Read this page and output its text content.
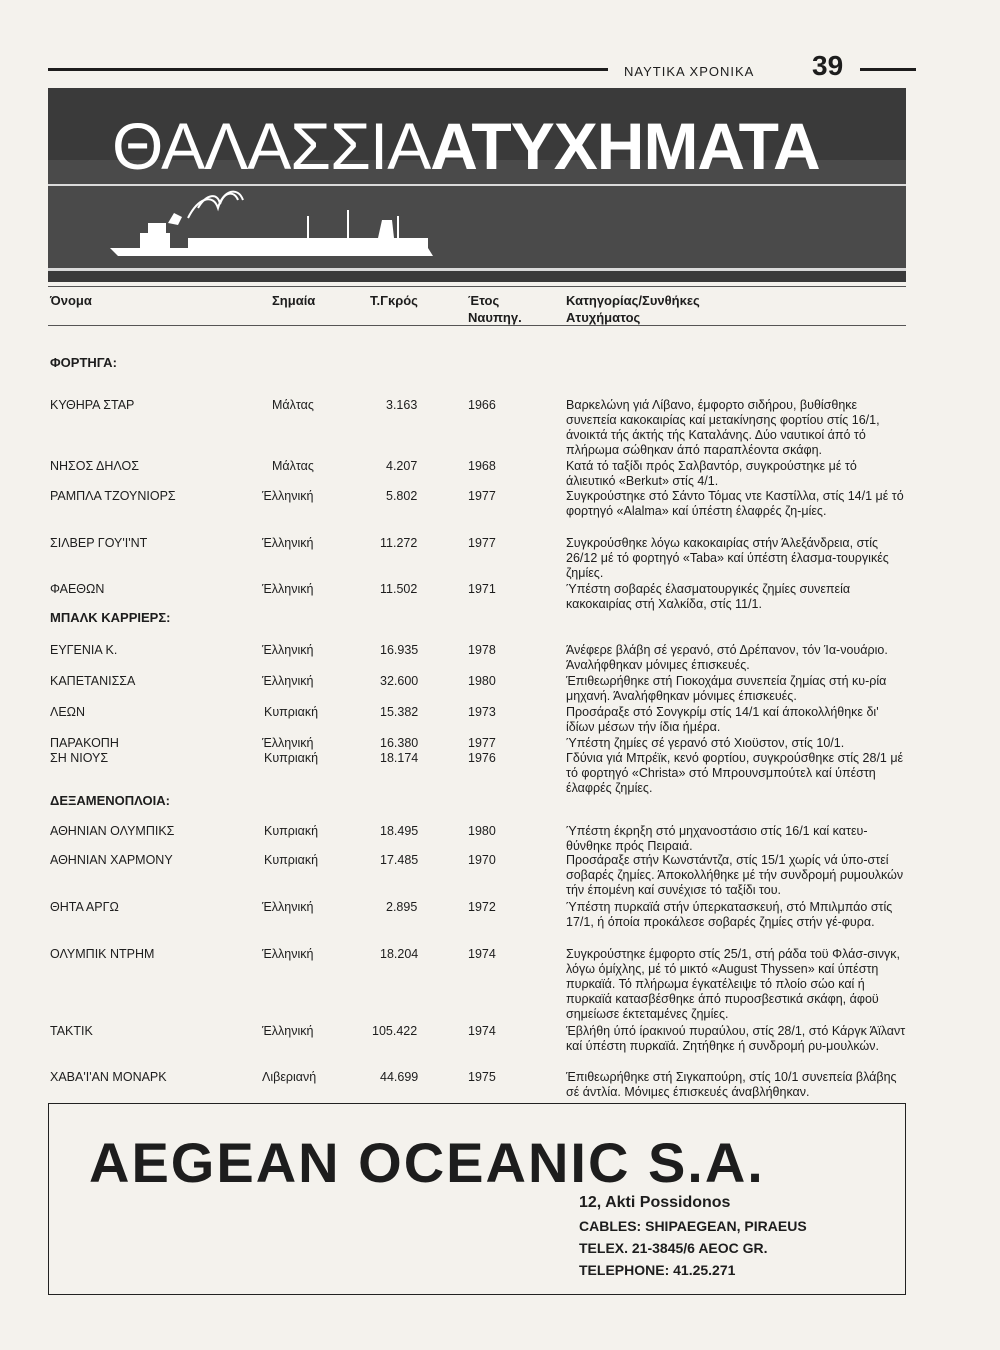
ΝΑΥΤΙΚΑ ΧΡΟΝΙΚΑ 39
ΘΑΛΑΣΣΙΑΑΤΥΧΗΜΑΤΑ
Όνομα	Σημαία	Τ.Γκρός	Έτος
Ναυπηγ.
Κατηγορίας/Συνθήκες
Ατυχήματος
ΦΟΡΤΗΓΑ:
ΜΠΑΛΚ ΚΑΡΡΙΕΡΣ:
ΔΕΞΑΜΕΝΟΠΛΟΙΑ:
ΚΥΘΗΡΑ ΣΤΑΡ	Μάλτας	3.163	1966	Βαρκελώνη γιά Λίβανο, έμφορτο σιδήρου, βυθίσθηκε συνεπεία κακοκαιρίας καί μετακίνησης φορτίου στίς 16/1, άνοικτά τής άκτής τής Καταλάνης. Δύο ναυτικοί άπό τό πλήρωμα σώθηκαν άπό παραπλέοντα σκάφη.
ΝΗΣΟΣ ΔΗΛΟΣ	Μάλτας	4.207	1968	Κατά τό ταξίδι πρός Σαλβαντόρ, συγκρούστηκε μέ τό άλιευτικό «Berkut» στίς 4/1.
ΡΑΜΠΛΑ ΤΖΟΥΝΙΟΡΣ	Έλληνική	5.802	1977	Συγκρούστηκε στό Σάντο Τόμας ντε Καστίλλα, στίς 14/1 μέ τό φορτηγό «Alalma» καί ύπέστη έλαφρές ζη-μίες.
ΣΙΛΒΕΡ ΓΟΥ'Ι'ΝΤ	Έλληνική	11.272	1977	Συγκρούσθηκε λόγω κακοκαιρίας στήν Άλεξάνδρεια, στίς 26/12 μέ τό φορτηγό «Taba» καί ύπέστη έλασμα-τουργικές ζημίες.
ΦΑΕΘΩΝ	Έλληνική	11.502	1971	Ύπέστη σοβαρές έλασματουργικές ζημίες συνεπεία κακοκαιρίας στή Χαλκίδα, στίς 11/1.
ΕΥΓΕΝΙΑ Κ.	Έλληνική	16.935	1978	Άνέφερε βλάβη σέ γερανό, στό Δρέπανον, τόν Ία-νουάριο. Άναλήφθηκαν μόνιμες έπισκευές.
ΚΑΠΕΤΑΝΙΣΣΑ	Έλληνική	32.600	1980	Έπιθεωρήθηκε στή Γιοκοχάμα συνεπεία ζημίας στή κυ-ρία μηχανή. Άναλήφθηκαν μόνιμες έπισκευές.
ΛΕΩΝ	Κυπριακή	15.382	1973	Προσάραξε στό Σονγκρίμ στίς 14/1 καί άποκολλήθηκε δι' ίδίων μέσων τήν ίδια ήμέρα.
ΠΑΡΑΚΟΠΗ	Έλληνική	16.380	1977	Ύπέστη ζημίες σέ γερανό στό Χιοϋστον, στίς 10/1.
ΣΗ ΝΙΟΥΣ	Κυπριακή	18.174	1976	Γδύνια γιά Μπρέϊκ, κενό φορτίου, συγκρούσθηκε στίς 28/1 μέ τό φορτηγό «Christa» στό Μπρουνσμπούτελ καί ύπέστη έλαφρές ζημίες.
ΑΘΗΝΙΑΝ ΟΛΥΜΠΙΚΣ	Κυπριακή	18.495	1980	Ύπέστη έκρηξη στό μηχανοστάσιο στίς 16/1 καί κατευ-θύνθηκε πρός Πειραιά.
ΑΘΗΝΙΑΝ ΧΑΡΜΟΝΥ	Κυπριακή	17.485	1970	Προσάραξε στήν Κωνστάντζα, στίς 15/1 χωρίς νά ύπο-στεί σοβαρές ζημίες. Άποκολλήθηκε μέ τήν συνδρομή ρυμουλκών τήν έπομένη καί συνέχισε τό ταξίδι του.
ΘΗΤΑ ΑΡΓΩ	Έλληνική	2.895	1972	Ύπέστη πυρκαϊά στήν ύπερκατασκευή, στό Μπιλμπάο στίς 17/1, ή όποία προκάλεσε σοβαρές ζημίες στήν γέ-φυρα.
ΟΛΥΜΠΙΚ ΝΤΡΗΜ	Έλληνική	18.204	1974	Συγκρούστηκε έμφορτο στίς 25/1, στή ράδα τοϋ Φλάσ-σινγκ, λόγω όμίχλης, μέ τό μικτό «August Thyssen» καί ύπέστη πυρκαϊά. Τό πλήρωμα έγκατέλειψε τό πλοίο σώο καί ή πυρκαϊά κατασβέσθηκε άπό πυροσβεστικά σκάφη, άφοϋ σημείωσε έκτεταμένες ζημίες.
ΤΑΚΤΙΚ	Έλληνική	105.422	1974	Έβλήθη ύπό ίρακινού πυραύλου, στίς 28/1, στό Κάργκ Άϊλαντ καί ύπέστη πυρκαϊά. Ζητήθηκε ή συνδρομή ρυ-μουλκών.
ΧΑΒΑ'Ι'ΑΝ ΜΟΝΑΡΚ	Λιβεριανή	44.699	1975	Έπιθεωρήθηκε στή Σιγκαπούρη, στίς 10/1 συνεπεία βλάβης σέ άντλία. Μόνιμες έπισκευές άναβλήθηκαν.
AEGEAN OCEANIC S.A.
12, Akti Possidonos
CABLES: SHIPAEGEAN, PIRAEUS
TELEX. 21-3845/6 AEOC GR.
TELEPHONE: 41.25.271
